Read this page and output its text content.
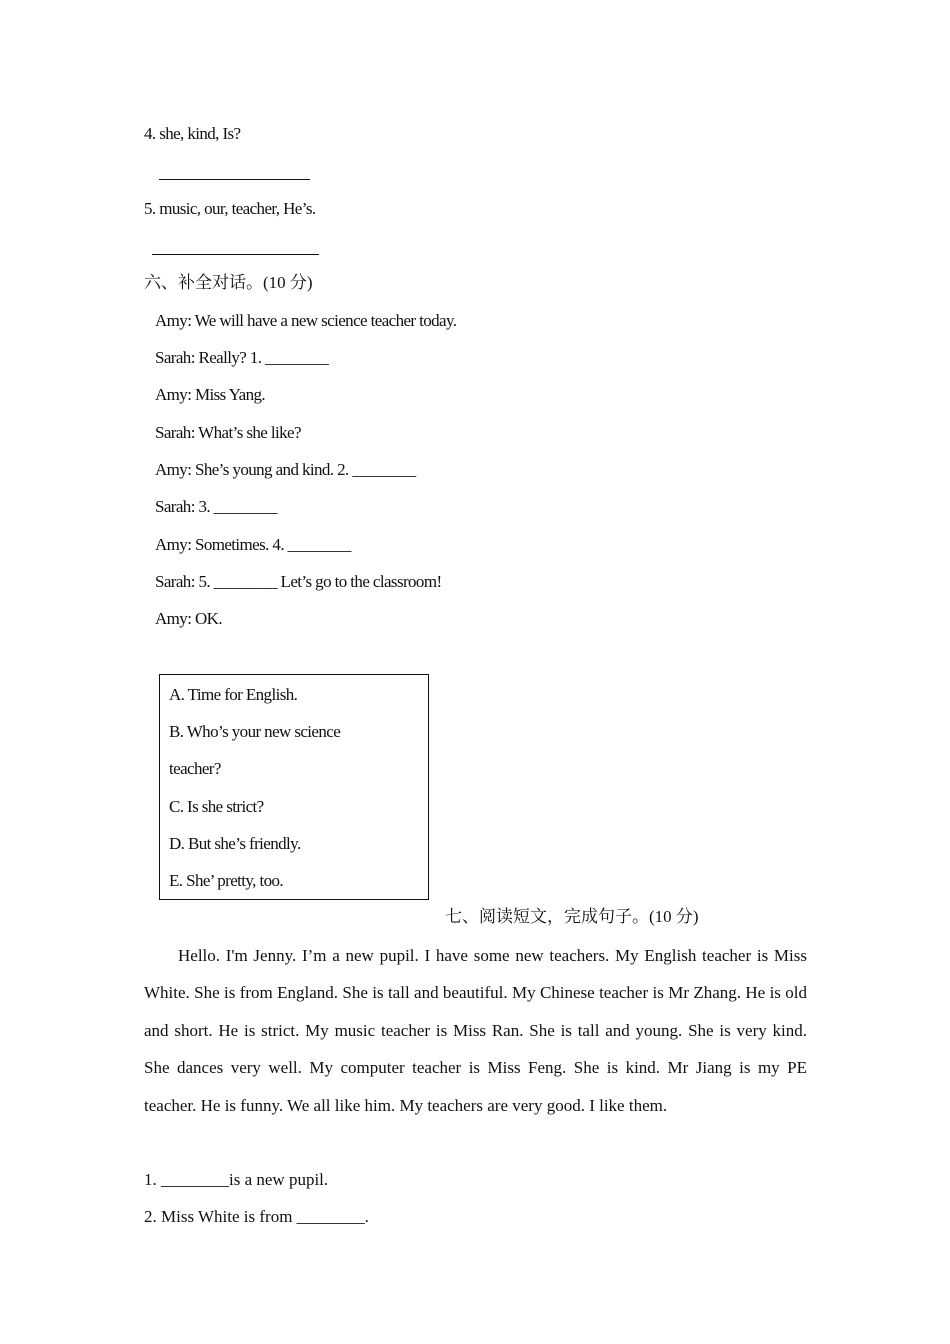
4. she, kind, Is?
5. music, our, teacher, He’s.
六、补全对话。(10 分)
Amy: We will have a new science teacher today.
Sarah: Really? 1. ________
Amy: Miss Yang.
Sarah: What’s she like?
Amy: She’s young and kind. 2. ________
Sarah: 3. ________
Amy: Sometimes. 4. ________
Sarah: 5. ________ Let’s go to the classroom!
Amy: OK.
A. Time for English.
B. Who’s your new science
teacher?
C. Is she strict?
D. But she’s friendly.
E. She’ pretty, too.
七、阅读短文，完成句子。(10 分)
Hello. I'm Jenny. I’m a new pupil. I have some new teachers. My English teacher is Miss White. She is from England. She is tall and beautiful. My Chinese teacher is Mr Zhang. He is old and short. He is strict. My music teacher is Miss Ran. She is tall and young. She is very kind. She dances very well. My computer teacher is Miss Feng. She is kind. Mr Jiang is my PE teacher. He is funny. We all like him. My teachers are very good. I like them.
1. ________is a new pupil.
2. Miss White is from ________.
